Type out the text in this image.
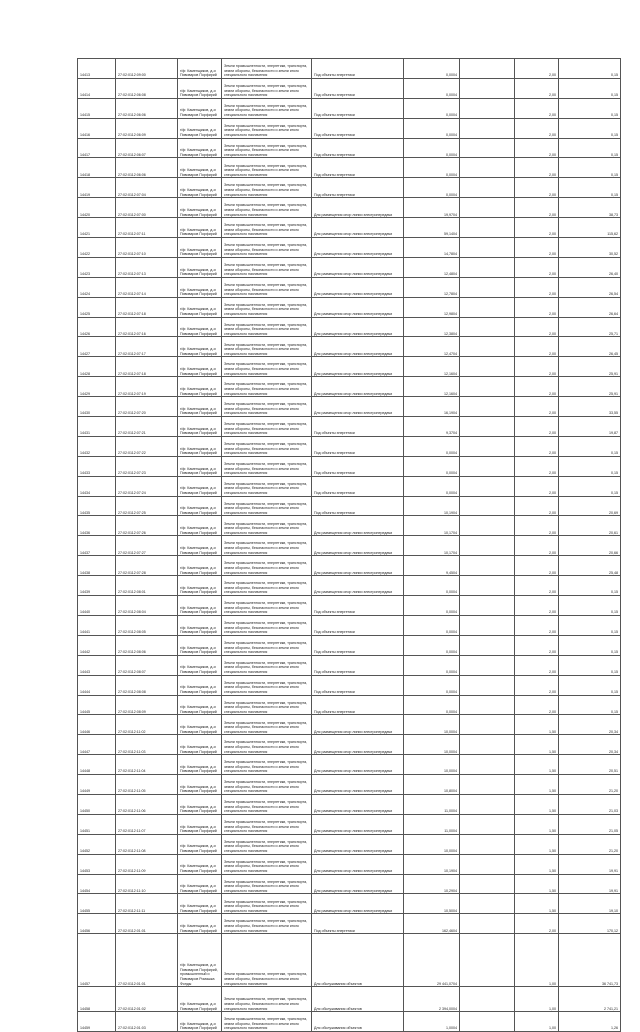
14413	27:02:0112:09:00	г/ф: Каменщиков, д-и Пивоваров Порфирий	Земли промышленности, энергетики, транспорта, земли обороны, безопасности и земли иного специального назначения	Под объекты энергетики	0,0004		2,00	0,15
14414	27:02:0112:06:08	г/ф: Каменщиков, д-и Пивоваров Порфирий	Земли промышленности, энергетики, транспорта, земли обороны, безопасности и земли иного специального назначения	Под объекты энергетики	0,0004		2,00	0,15
14415	27:02:0112:06:06	г/ф: Каменщиков, д-и Пивоваров Порфирий	Земли промышленности, энергетики, транспорта, земли обороны, безопасности и земли иного специального назначения	Под объекты энергетики	0,0004		2,00	0,15
14416	27:02:0112:06:09	г/ф: Каменщиков, д-и Пивоваров Порфирий	Земли промышленности, энергетики, транспорта, земли обороны, безопасности и земли иного специального назначения	Под объекты энергетики	0,0004		2,00	0,15
14417	27:02:0112:06:07	г/ф: Каменщиков, д-и Пивоваров Порфирий	Земли промышленности, энергетики, транспорта, земли обороны, безопасности и земли иного специального назначения	Под объекты энергетики	0,0004		2,00	0,15
14418	27:02:0112:06:06	г/ф: Каменщиков, д-и Пивоваров Порфирий	Земли промышленности, энергетики, транспорта, земли обороны, безопасности и земли иного специального назначения	Под объекты энергетики	0,0004		2,00	0,15
14419	27:02:0112:07:04	г/ф: Каменщиков, д-и Пивоваров Порфирий	Земли промышленности, энергетики, транспорта, земли обороны, безопасности и земли иного специального назначения	Под объекты энергетики	0,0004		2,00	0,15
14420	27:02:0112:07:00	г/ф: Каменщиков, д-и Пивоваров Порфирий	Земли промышленности, энергетики, транспорта, земли обороны, безопасности и земли иного специального назначения	Для размещения опор линии электропередачи	19,9704		2,00	38,73
14421	27:02:0112:07:11	г/ф: Каменщиков, д-и Пивоваров Порфирий	Земли промышленности, энергетики, транспорта, земли обороны, безопасности и земли иного специального назначения	Для размещения опор линии электропередачи	59,1404		2,00	115,62
14422	27:02:0112:07:10	г/ф: Каменщиков, д-и Пивоваров Порфирий	Земли промышленности, энергетики, транспорта, земли обороны, безопасности и земли иного специального назначения	Для размещения опор линии электропередачи	14,7804		2,00	30,52
14423	27:02:0112:07:13	г/ф: Каменщиков, д-и Пивоваров Порфирий	Земли промышленности, энергетики, транспорта, земли обороны, безопасности и земли иного специального назначения	Для размещения опор линии электропередачи	12,4804		2,00	26,40
14424	27:02:0112:07:14	г/ф: Каменщиков, д-и Пивоваров Порфирий	Земли промышленности, энергетики, транспорта, земли обороны, безопасности и земли иного специального назначения	Для размещения опор линии электропередачи	12,7804		2,00	26,54
14425	27:02:0112:07:18	г/ф: Каменщиков, д-и Пивоваров Порфирий	Земли промышленности, энергетики, транспорта, земли обороны, безопасности и земли иного специального назначения	Для размещения опор линии электропередачи	12,9804		2,00	26,64
14426	27:02:0112:07:16	г/ф: Каменщиков, д-и Пивоваров Порфирий	Земли промышленности, энергетики, транспорта, земли обороны, безопасности и земли иного специального назначения	Для размещения опор линии электропередачи	12,3804		2,00	25,71
14427	27:02:0112:07:17	г/ф: Каменщиков, д-и Пивоваров Порфирий	Земли промышленности, энергетики, транспорта, земли обороны, безопасности и земли иного специального назначения	Для размещения опор линии электропередачи	12,4704		2,00	26,45
14428	27:02:0112:07:18	г/ф: Каменщиков, д-и Пивоваров Порфирий	Земли промышленности, энергетики, транспорта, земли обороны, безопасности и земли иного специального назначения	Для размещения опор линии электропередачи	12,1604		2,00	25,91
14429	27:02:0112:07:19	г/ф: Каменщиков, д-и Пивоваров Порфирий	Земли промышленности, энергетики, транспорта, земли обороны, безопасности и земли иного специального назначения	Для размещения опор линии электропередачи	12,1604		2,00	25,91
14430	27:02:0112:07:20	г/ф: Каменщиков, д-и Пивоваров Порфирий	Земли промышленности, энергетики, транспорта, земли обороны, безопасности и земли иного специального назначения	Для размещения опор линии электропередачи	16,1904		2,00	33,55
14431	27:02:0112:07:21	г/ф: Каменщиков, д-и Пивоваров Порфирий	Земли промышленности, энергетики, транспорта, земли обороны, безопасности и земли иного специального назначения	Под объекты энергетики	9,3704		2,00	19,87
14432	27:02:0112:07:22	г/ф: Каменщиков, д-и Пивоваров Порфирий	Земли промышленности, энергетики, транспорта, земли обороны, безопасности и земли иного специального назначения	Под объекты энергетики	0,0004		2,00	0,15
14433	27:02:0112:07:23	г/ф: Каменщиков, д-и Пивоваров Порфирий	Земли промышленности, энергетики, транспорта, земли обороны, безопасности и земли иного специального назначения	Под объекты энергетики	0,0004		2,00	0,15
14434	27:02:0112:07:24	г/ф: Каменщиков, д-и Пивоваров Порфирий	Земли промышленности, энергетики, транспорта, земли обороны, безопасности и земли иного специального назначения	Под объекты энергетики	0,0004		2,00	0,15
14435	27:02:0112:07:25	г/ф: Каменщиков, д-и Пивоваров Порфирий	Земли промышленности, энергетики, транспорта, земли обороны, безопасности и земли иного специального назначения	Под объекты энергетики	10,1904		2,00	20,69
14436	27:02:0112:07:26	г/ф: Каменщиков, д-и Пивоваров Порфирий	Земли промышленности, энергетики, транспорта, земли обороны, безопасности и земли иного специального назначения	Для размещения опор линии электропередачи	10,1704		2,00	20,61
14437	27:02:0112:07:27	г/ф: Каменщиков, д-и Пивоваров Порфирий	Земли промышленности, энергетики, транспорта, земли обороны, безопасности и земли иного специального назначения	Для размещения опор линии электропередачи	10,1704		2,00	20,66
14438	27:02:0112:07:28	г/ф: Каменщиков, д-и Пивоваров Порфирий	Земли промышленности, энергетики, транспорта, земли обороны, безопасности и земли иного специального назначения	Для размещения опор линии электропередачи	9,4504		2,00	25,48
14439	27:02:0112:08:01	г/ф: Каменщиков, д-и Пивоваров Порфирий	Земли промышленности, энергетики, транспорта, земли обороны, безопасности и земли иного специального назначения	Для размещения опор линии электропередачи	0,0004		2,00	0,15
14440	27:02:0112:08:04	г/ф: Каменщиков, д-и Пивоваров Порфирий	Земли промышленности, энергетики, транспорта, земли обороны, безопасности и земли иного специального назначения	Под объекты энергетики	0,0004		2,00	0,15
14441	27:02:0112:08:05	г/ф: Каменщиков, д-и Пивоваров Порфирий	Земли промышленности, энергетики, транспорта, земли обороны, безопасности и земли иного специального назначения	Под объекты энергетики	0,0004		2,00	0,15
14442	27:02:0112:08:06	г/ф: Каменщиков, д-и Пивоваров Порфирий	Земли промышленности, энергетики, транспорта, земли обороны, безопасности и земли иного специального назначения	Под объекты энергетики	0,0004		2,00	0,15
14443	27:02:0112:08:07	г/ф: Каменщиков, д-и Пивоваров Порфирий	Земли промышленности, энергетики, транспорта, земли обороны, безопасности и земли иного специального назначения	Под объекты энергетики	0,0004		2,00	0,15
14444	27:02:0112:08:08	г/ф: Каменщиков, д-и Пивоваров Порфирий	Земли промышленности, энергетики, транспорта, земли обороны, безопасности и земли иного специального назначения	Под объекты энергетики	0,0004		2,00	0,15
14445	27:02:0112:08:09	г/ф: Каменщиков, д-и Пивоваров Порфирий	Земли промышленности, энергетики, транспорта, земли обороны, безопасности и земли иного специального назначения	Под объекты энергетики	0,0004		2,00	0,15
14446	27:02:0112:11:02	г/ф: Каменщиков, д-и Пивоваров Порфирий	Земли промышленности, энергетики, транспорта, земли обороны, безопасности и земли иного специального назначения	Для размещения опор линии электропередачи	10,0004		1,50	20,34
14447	27:02:0112:11:03	г/ф: Каменщиков, д-и Пивоваров Порфирий	Земли промышленности, энергетики, транспорта, земли обороны, безопасности и земли иного специального назначения	Для размещения опор линии электропередачи	10,0004		1,50	20,34
14448	27:02:0112:11:04	г/ф: Каменщиков, д-и Пивоваров Порфирий	Земли промышленности, энергетики, транспорта, земли обороны, безопасности и земли иного специального назначения	Для размещения опор линии электропередачи	10,0004		1,50	20,51
14449	27:02:0112:11:05	г/ф: Каменщиков, д-и Пивоваров Порфирий	Земли промышленности, энергетики, транспорта, земли обороны, безопасности и земли иного специального назначения	Для размещения опор линии электропередачи	10,8004		1,50	21,20
14450	27:02:0112:11:06	г/ф: Каменщиков, д-и Пивоваров Порфирий	Земли промышленности, энергетики, транспорта, земли обороны, безопасности и земли иного специального назначения	Для размещения опор линии электропередачи	11,0004		1,50	21,03
14451	27:02:0112:11:07	г/ф: Каменщиков, д-и Пивоваров Порфирий	Земли промышленности, энергетики, транспорта, земли обороны, безопасности и земли иного специального назначения	Для размещения опор линии электропередачи	11,0004		1,50	21,05
14452	27:02:0112:11:08	г/ф: Каменщиков, д-и Пивоваров Порфирий	Земли промышленности, энергетики, транспорта, земли обороны, безопасности и земли иного специального назначения	Для размещения опор линии электропередачи	10,0004		1,50	21,20
14453	27:02:0112:11:09	г/ф: Каменщиков, д-и Пивоваров Порфирий	Земли промышленности, энергетики, транспорта, земли обороны, безопасности и земли иного специального назначения	Для размещения опор линии электропередачи	10,1904		1,50	19,91
14454	27:02:0112:11:10	г/ф: Каменщиков, д-и Пивоваров Порфирий	Земли промышленности, энергетики, транспорта, земли обороны, безопасности и земли иного специального назначения	Для размещения опор линии электропередачи	10,2904		1,50	19,91
14455	27:02:0112:11:11	г/ф: Каменщиков, д-и Пивоваров Порфирий	Земли промышленности, энергетики, транспорта, земли обороны, безопасности и земли иного специального назначения	Для размещения опор линии электропередачи	10,5004		1,50	19,10
14456	27:02:0112:01:01	г/ф: Каменщиков, д-и Пивоваров Порфирий	Земли промышленности, энергетики, транспорта, земли обороны, безопасности и земли иного специального назначения	Под объекты энергетики	162,4604		2,00	170,12
14457	27:02:0112:01:01	г/ф: Каменщиков, д-и Пивоваров Порфирий, промышленный и Пивоваров Ромашка Фонды	Земли промышленности, энергетики, транспорта, земли обороны, безопасности и земли иного специального назначения	Для обслуживания объектов	29 441,0704		1,00	36 741,73
14458	27:02:0112:01:02	г/ф: Каменщиков, д-и Пивоваров Порфирий	Земли промышленности, энергетики, транспорта, земли обороны, безопасности и земли иного специального назначения	Для обслуживания объектов	2 394,0004		1,00	2 741,21
14459	27:02:0112:01:03	г/ф: Каменщиков, д-и Пивоваров Порфирий	Земли промышленности, энергетики, транспорта, земли обороны, безопасности и земли иного специального назначения	Для обслуживания объектов	1,0004		1,00	1,26
